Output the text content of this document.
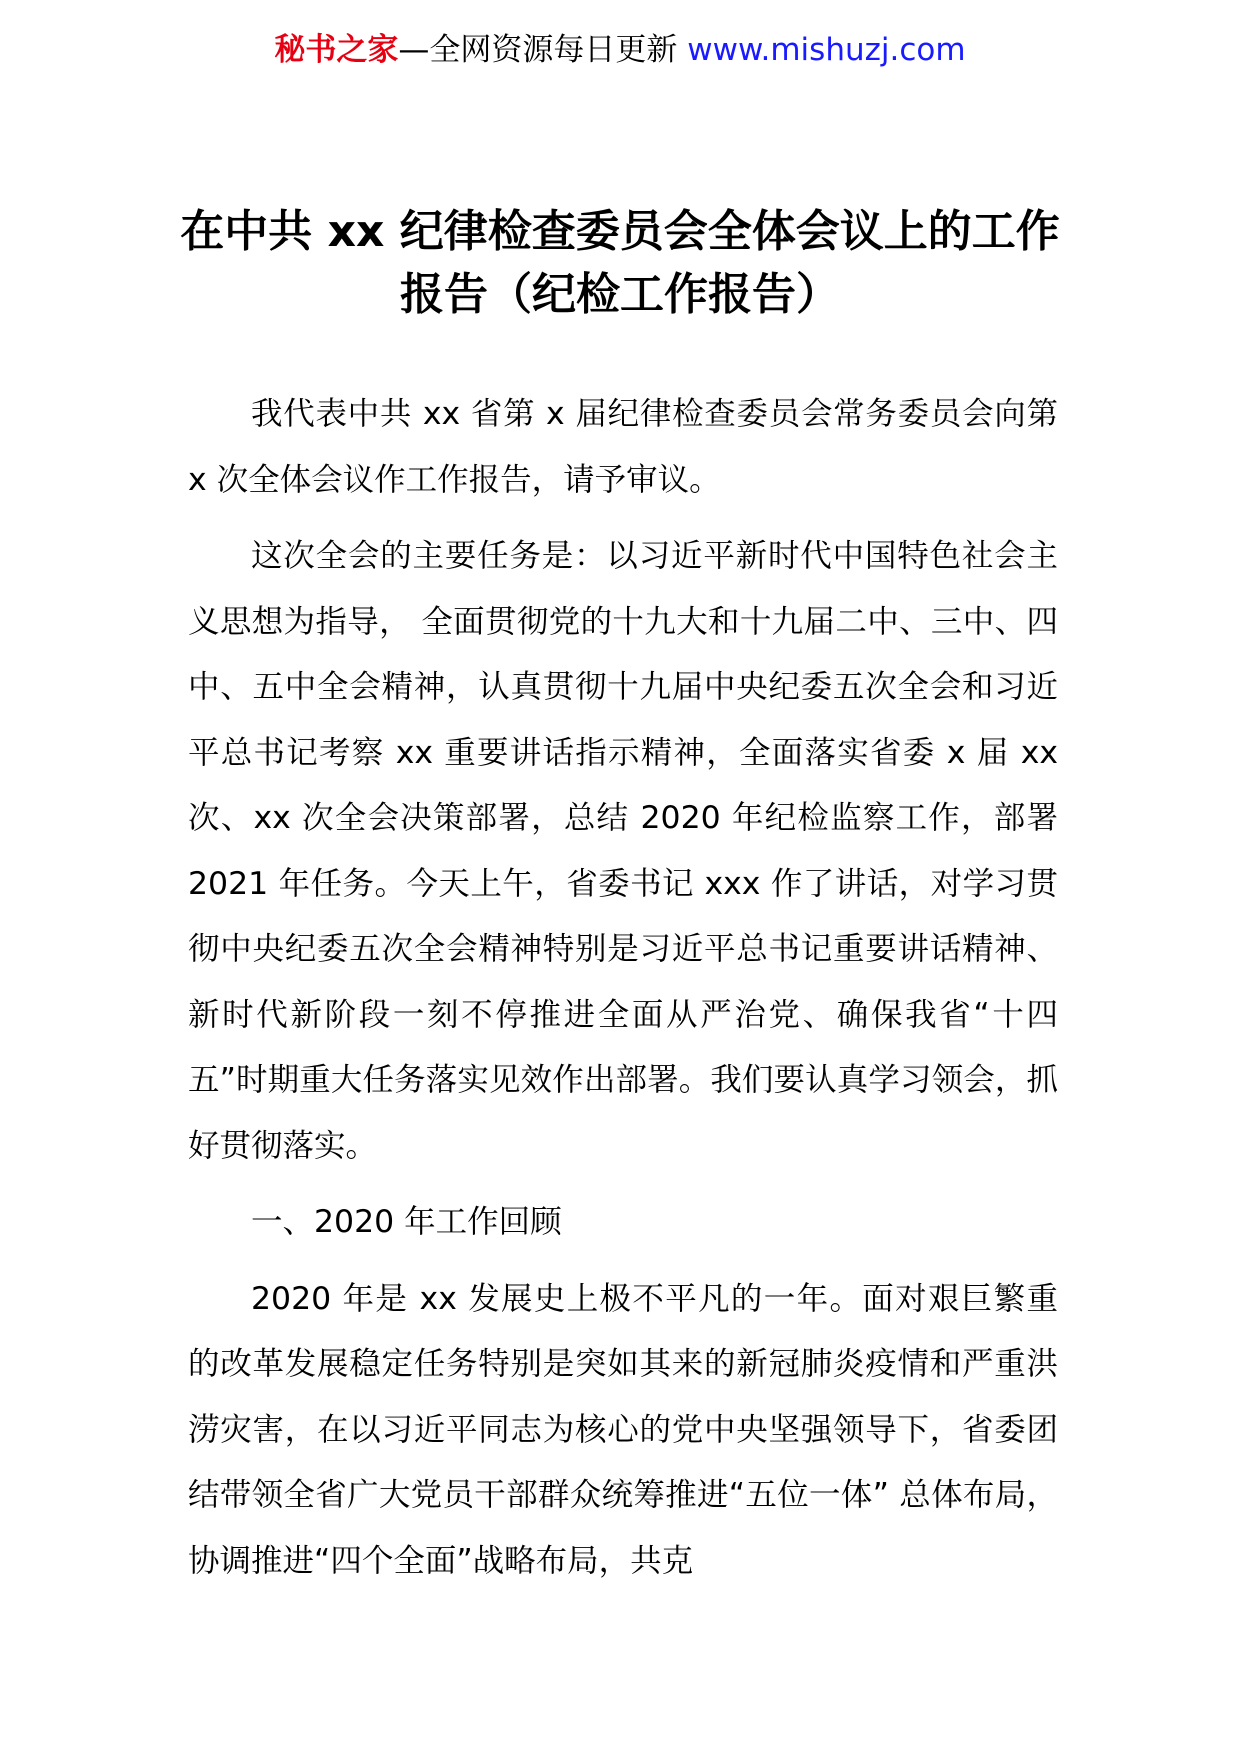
秘书之家—全网资源每日更新 www.mishuzj.com
在中共 xx 纪律检查委员会全体会议上的工作报告（纪检工作报告）

我代表中共 xx 省第 x 届纪律检查委员会常务委员会向第 x 次全体会议作工作报告，请予审议。

这次全会的主要任务是：以习近平新时代中国特色社会主义思想为指导， 全面贯彻党的十九大和十九届二中、三中、四中、五中全会精神，认真贯彻十九届中央纪委五次全会和习近平总书记考察 xx 重要讲话指示精神，全面落实省委 x 届 xx 次、xx 次全会决策部署，总结 2020 年纪检监察工作，部署 2021 年任务。今天上午，省委书记 xxx 作了讲话，对学习贯彻中央纪委五次全会精神特别是习近平总书记重要讲话精神、新时代新阶段一刻不停推进全面从严治党、确保我省“十四五”时期重大任务落实见效作出部署。我们要认真学习领会，抓好贯彻落实。

一、2020 年工作回顾

2020 年是 xx 发展史上极不平凡的一年。面对艰巨繁重的改革发展稳定任务特别是突如其来的新冠肺炎疫情和严重洪涝灾害，在以习近平同志为核心的党中央坚强领导下，省委团结带领全省广大党员干部群众统筹推进“五位一体” 总体布局，协调推进“四个全面”战略布局，共克
